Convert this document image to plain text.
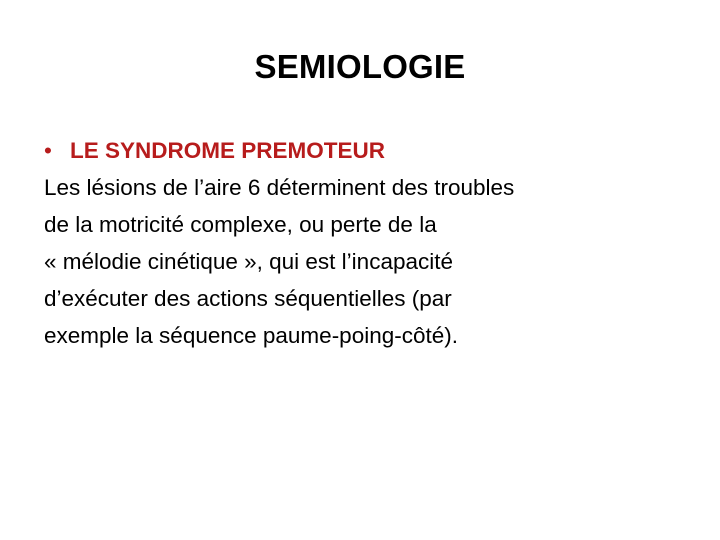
SEMIOLOGIE
• LE SYNDROME PREMOTEUR
Les lésions de l’aire 6 déterminent des troubles
de la motricité complexe, ou perte de la
« mélodie cinétique », qui est l’incapacité
d’exécuter des actions séquentielles (par
exemple la séquence paume-poing-côté).
